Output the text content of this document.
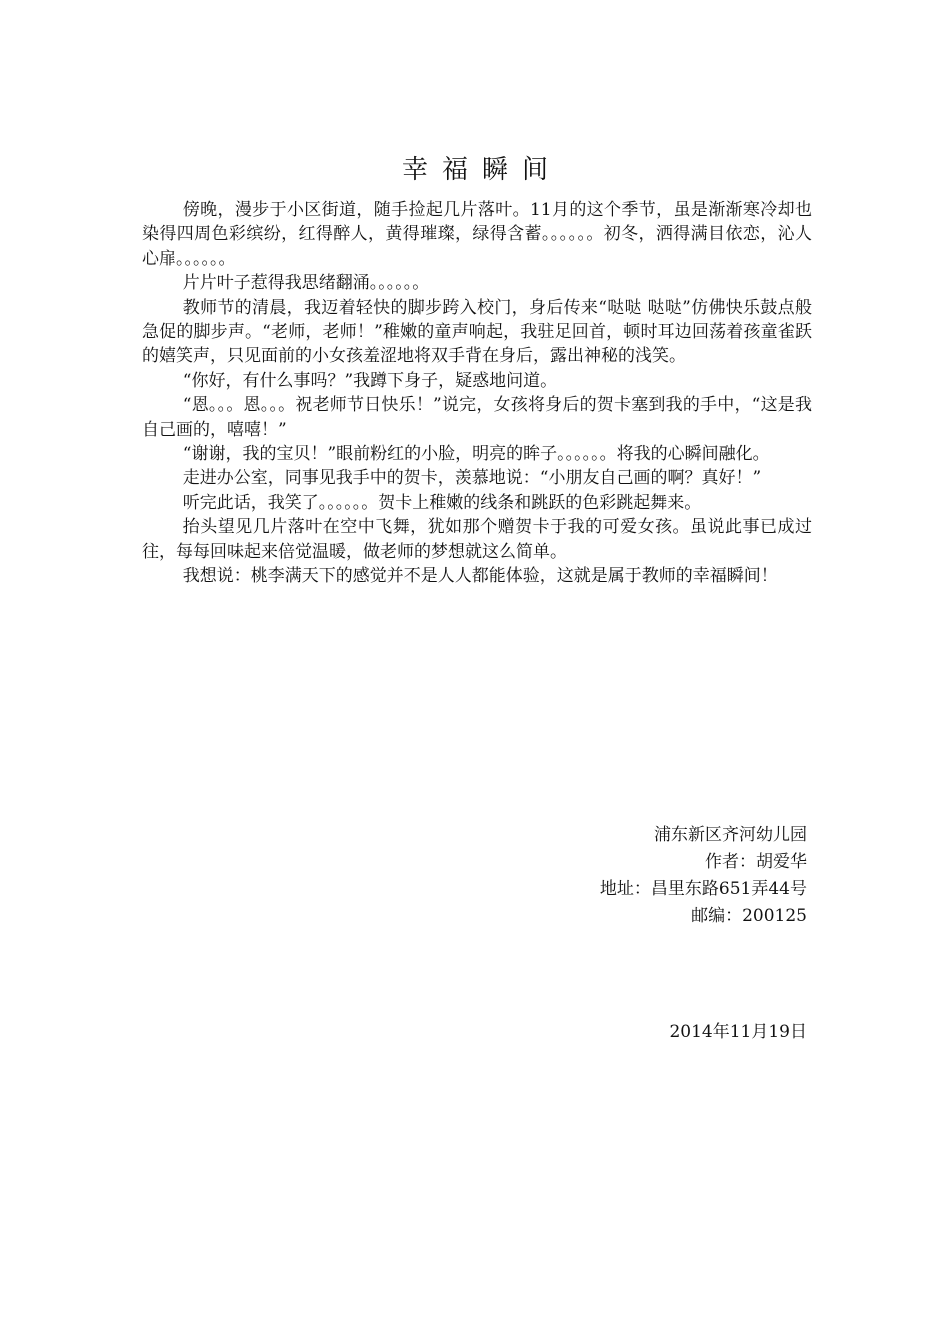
幸福瞬间

傍晚，漫步于小区街道，随手捡起几片落叶。11月的这个季节，虽是渐渐寒冷却也染得四周色彩缤纷，红得醉人，黄得璀璨，绿得含蓄。。。。。。初冬，洒得满目依恋，沁人心扉。。。。。。

片片叶子惹得我思绪翻涌。。。。。。

教师节的清晨，我迈着轻快的脚步跨入校门，身后传来“哒哒 哒哒”仿佛快乐鼓点般急促的脚步声。“老师，老师！”稚嫩的童声响起，我驻足回首，顿时耳边回荡着孩童雀跃的嬉笑声，只见面前的小女孩羞涩地将双手背在身后，露出神秘的浅笑。

“你好，有什么事吗？”我蹲下身子，疑惑地问道。

“恩。。。恩。。。祝老师节日快乐！”说完，女孩将身后的贺卡塞到我的手中，“这是我自己画的，嘻嘻！”

“谢谢，我的宝贝！”眼前粉红的小脸，明亮的眸子。。。。。。将我的心瞬间融化。

走进办公室，同事见我手中的贺卡，羡慕地说：“小朋友自己画的啊？真好！”

听完此话，我笑了。。。。。。贺卡上稚嫩的线条和跳跃的色彩跳起舞来。

抬头望见几片落叶在空中飞舞，犹如那个赠贺卡于我的可爱女孩。虽说此事已成过往，每每回味起来倍觉温暖，做老师的梦想就这么简单。

我想说：桃李满天下的感觉并不是人人都能体验，这就是属于教师的幸福瞬间！

浦东新区齐河幼儿园
作者：胡爱华
地址：昌里东路651弄44号
邮编：200125
2014年11月19日
